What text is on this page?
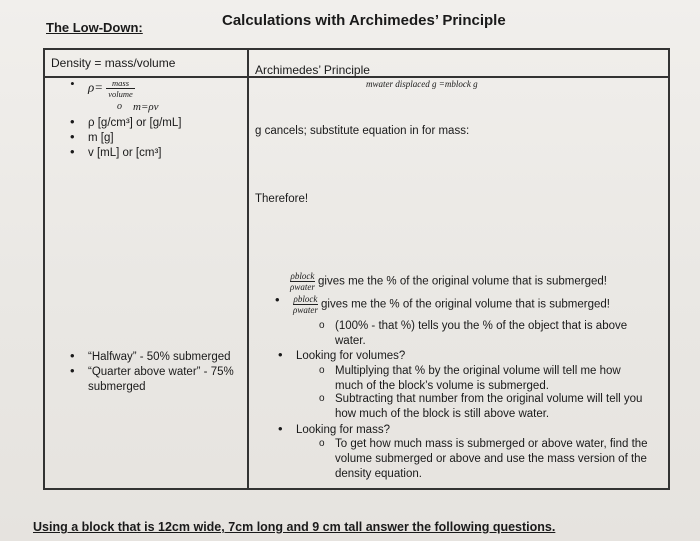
The Low-Down:	Calculations with Archimedes’ Principle
Density = mass/volume
• $\rho= \frac{\text{mass}}{\text{volume}}$
o m=ρv
• ρ [g/cm³] or [g/mL]
• m [g]
• v [mL] or [cm³]
• “Halfway” - 50% submerged
• “Quarter above water” - 75%
submerged
Archimedes’ Principle
mwater displaced g =mblock g
g cancels; substitute equation in for mass:
Therefore!
$\frac{\text{ρblock}}{\text{ρwater}}$ gives me the % of the original volume that is submerged!
• $\frac{\text{ρblock}}{\text{ρwater}}$ gives me the % of the original volume that is submerged!
o (100% - that %) tells you the % of the object that is above
water.
• Looking for volumes?
o Multiplying that % by the original volume will tell me how
much of the block’s volume is submerged.
o Subtracting that number from the original volume will tell you
how much of the block is still above water.
• Looking for mass?
o To get how much mass is submerged or above water, find the
volume submerged or above and use the mass version of the
density equation.
Using a block that is 12cm wide, 7cm long and 9 cm tall answer the following questions.
